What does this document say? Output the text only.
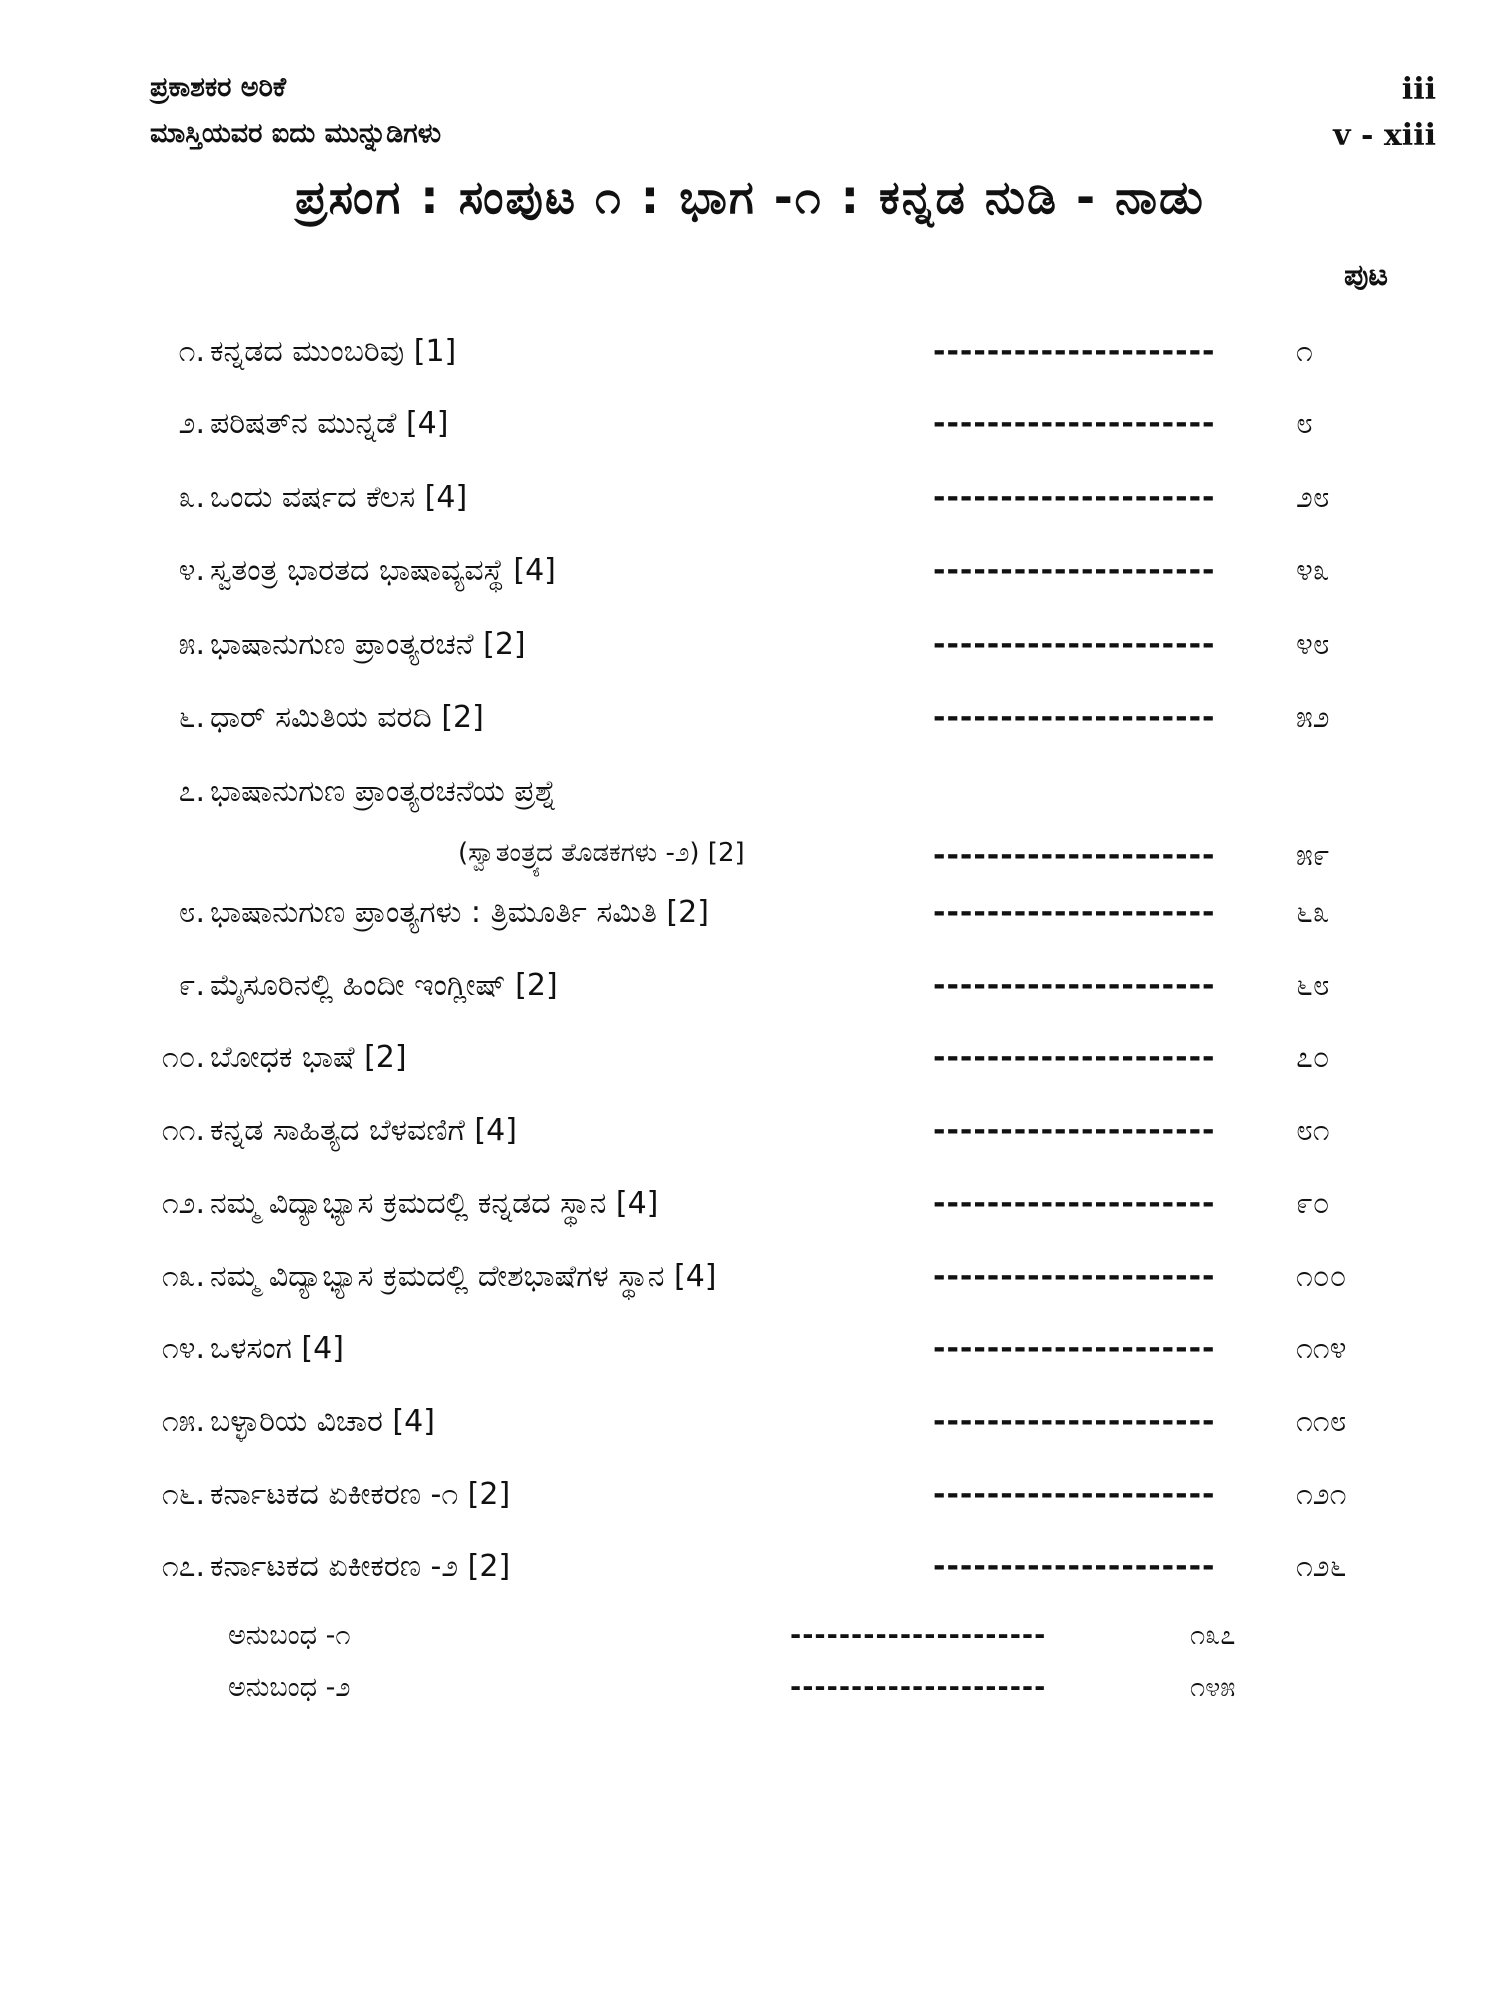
ಪ್ರಕಾಶಕರ ಅರಿಕೆ	iii
ಮಾಸ್ತಿಯವರ ಐದು ಮುನ್ನುಡಿಗಳು	v - xiii
ಪ್ರಸಂಗ : ಸಂಪುಟ ೧ : ಭಾಗ -೧ : ಕನ್ನಡ ನುಡಿ - ನಾಡು
ಪುಟ
೧. ಕನ್ನಡದ ಮುಂಬರಿವು [1]	---------------------	೧
೨. ಪರಿಷತ್‌ನ ಮುನ್ನಡೆ [4]	---------------------	೮
೩. ಒಂದು ವರ್ಷದ ಕೆಲಸ [4]	---------------------	೨೮
೪. ಸ್ವತಂತ್ರ ಭಾರತದ ಭಾಷಾವ್ಯವಸ್ಥೆ [4]	---------------------	೪೩
೫. ಭಾಷಾನುಗುಣ ಪ್ರಾಂತ್ಯರಚನೆ [2]	---------------------	೪೮
೬. ಧಾರ್ ಸಮಿತಿಯ ವರದಿ [2]	---------------------	೫೨
೭. ಭಾಷಾನುಗುಣ ಪ್ರಾಂತ್ಯರಚನೆಯ ಪ್ರಶ್ನೆ
(ಸ್ವಾತಂತ್ರ್ಯದ ತೊಡಕಗಳು -೨) [2]	---------------------	೫೯
೮. ಭಾಷಾನುಗುಣ ಪ್ರಾಂತ್ಯಗಳು : ತ್ರಿಮೂರ್ತಿ ಸಮಿತಿ [2]	---------------------	೬೩
೯. ಮೈಸೂರಿನಲ್ಲಿ ಹಿಂದೀ ಇಂಗ್ಲೀಷ್ [2]	---------------------	೬೮
೧೦. ಬೋಧಕ ಭಾಷೆ [2]	---------------------	೭೦
೧೧. ಕನ್ನಡ ಸಾಹಿತ್ಯದ ಬೆಳವಣಿಗೆ [4]	---------------------	೮೧
೧೨. ನಮ್ಮ ವಿದ್ಯಾಭ್ಯಾಸ ಕ್ರಮದಲ್ಲಿ ಕನ್ನಡದ ಸ್ಥಾನ [4]	---------------------	೯೦
೧೩. ನಮ್ಮ ವಿದ್ಯಾಭ್ಯಾಸ ಕ್ರಮದಲ್ಲಿ ದೇಶಭಾಷೆಗಳ ಸ್ಥಾನ [4]	---------------------	೧೦೦
೧೪. ಒಳಸಂಗ [4]	---------------------	೧೧೪
೧೫. ಬಳ್ಳಾರಿಯ ವಿಚಾರ [4]	---------------------	೧೧೮
೧೬. ಕರ್ನಾಟಕದ ಏಕೀಕರಣ -೧ [2]	---------------------	೧೨೧
೧೭. ಕರ್ನಾಟಕದ ಏಕೀಕರಣ -೨ [2]	---------------------	೧೨೬
ಅನುಬಂಧ -೧	---------------------	೧೩೭
ಅನುಬಂಧ -೨	---------------------	೧೪೫
